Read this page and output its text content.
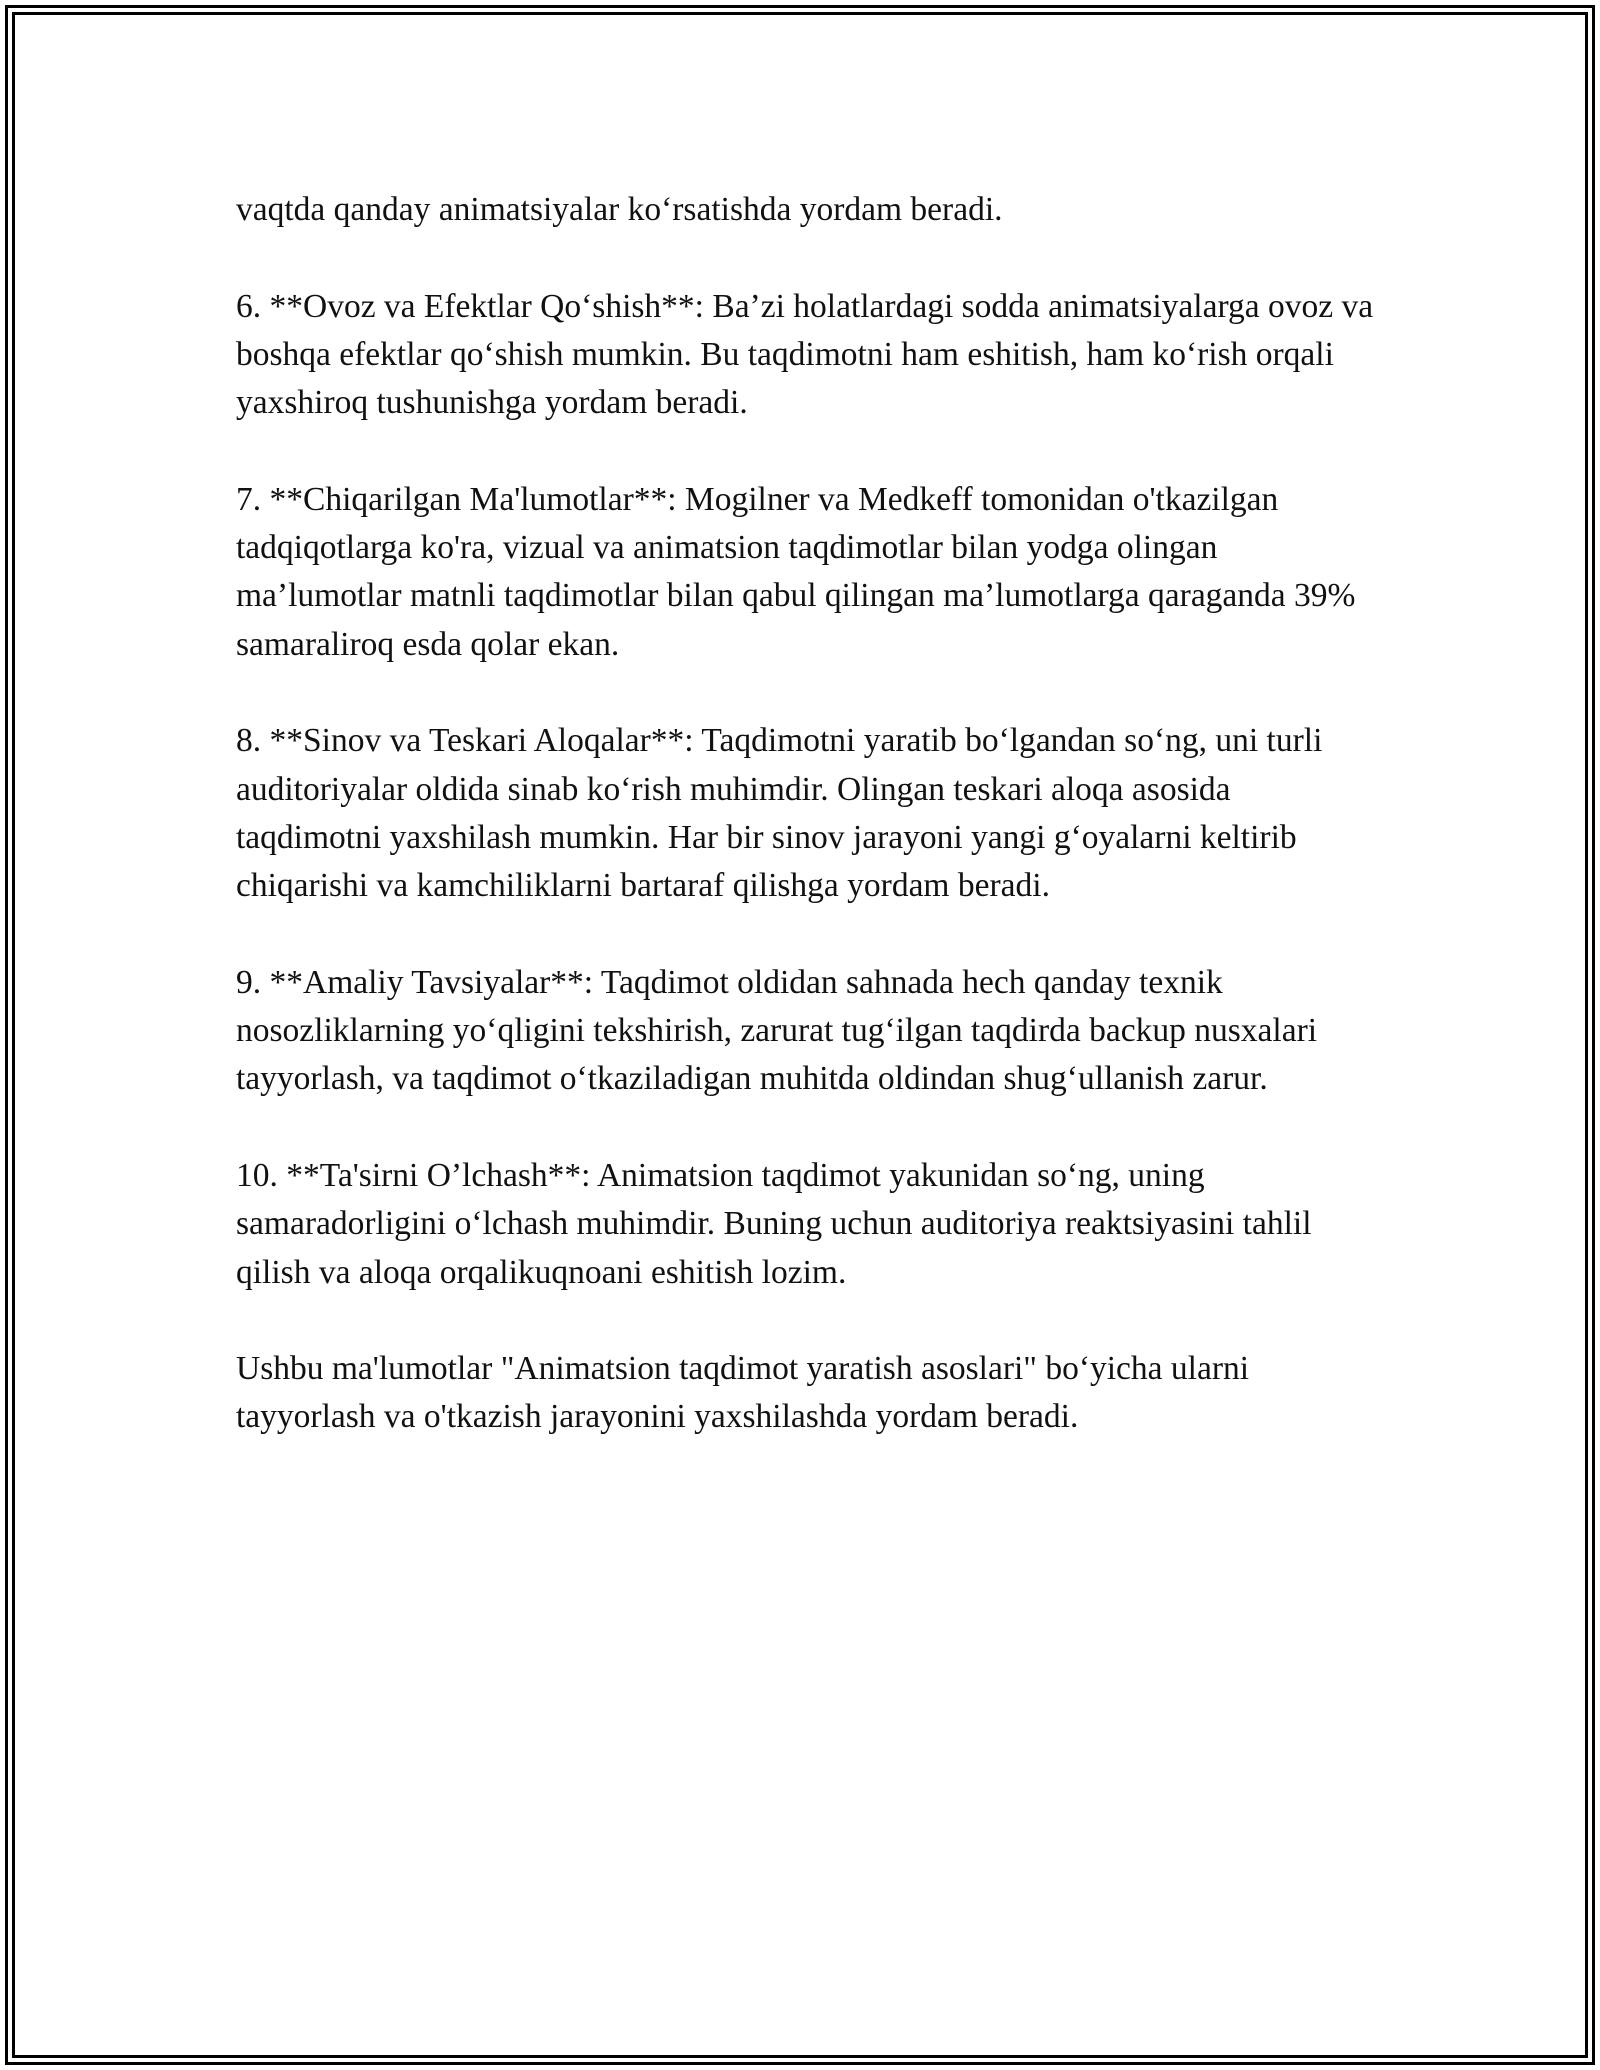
vaqtda qanday animatsiyalar ko‘rsatishda yordam beradi.

6. **Ovoz va Efektlar Qo‘shish**: Ba’zi holatlardagi sodda animatsiyalarga ovoz va boshqa efektlar qo‘shish mumkin. Bu taqdimotni ham eshitish, ham ko‘rish orqali yaxshiroq tushunishga yordam beradi.

7. **Chiqarilgan Ma'lumotlar**: Mogilner va Medkeff tomonidan o'tkazilgan tadqiqotlarga ko'ra, vizual va animatsion taqdimotlar bilan yodga olingan ma’lumotlar matnli taqdimotlar bilan qabul qilingan ma’lumotlarga qaraganda 39% samaraliroq esda qolar ekan.

8. **Sinov va Teskari Aloqalar**: Taqdimotni yaratib bo‘lgandan so‘ng, uni turli auditoriyalar oldida sinab ko‘rish muhimdir. Olingan teskari aloqa asosida taqdimotni yaxshilash mumkin. Har bir sinov jarayoni yangi g‘oyalarni keltirib chiqarishi va kamchiliklarni bartaraf qilishga yordam beradi.

9. **Amaliy Tavsiyalar**: Taqdimot oldidan sahnada hech qanday texnik nosozliklarning yo‘qligini tekshirish, zarurat tug‘ilgan taqdirda backup nusxalari tayyorlash, va taqdimot o‘tkaziladigan muhitda oldindan shug‘ullanish zarur.

10. **Ta'sirni O’lchash**: Animatsion taqdimot yakunidan so‘ng, uning samaradorligini o‘lchash muhimdir. Buning uchun auditoriya reaktsiyasini tahlil qilish va aloqa orqalikuqnoani eshitish lozim.

Ushbu ma'lumotlar "Animatsion taqdimot yaratish asoslari" bo‘yicha ularni tayyorlash va o'tkazish jarayonini yaxshilashda yordam beradi.
